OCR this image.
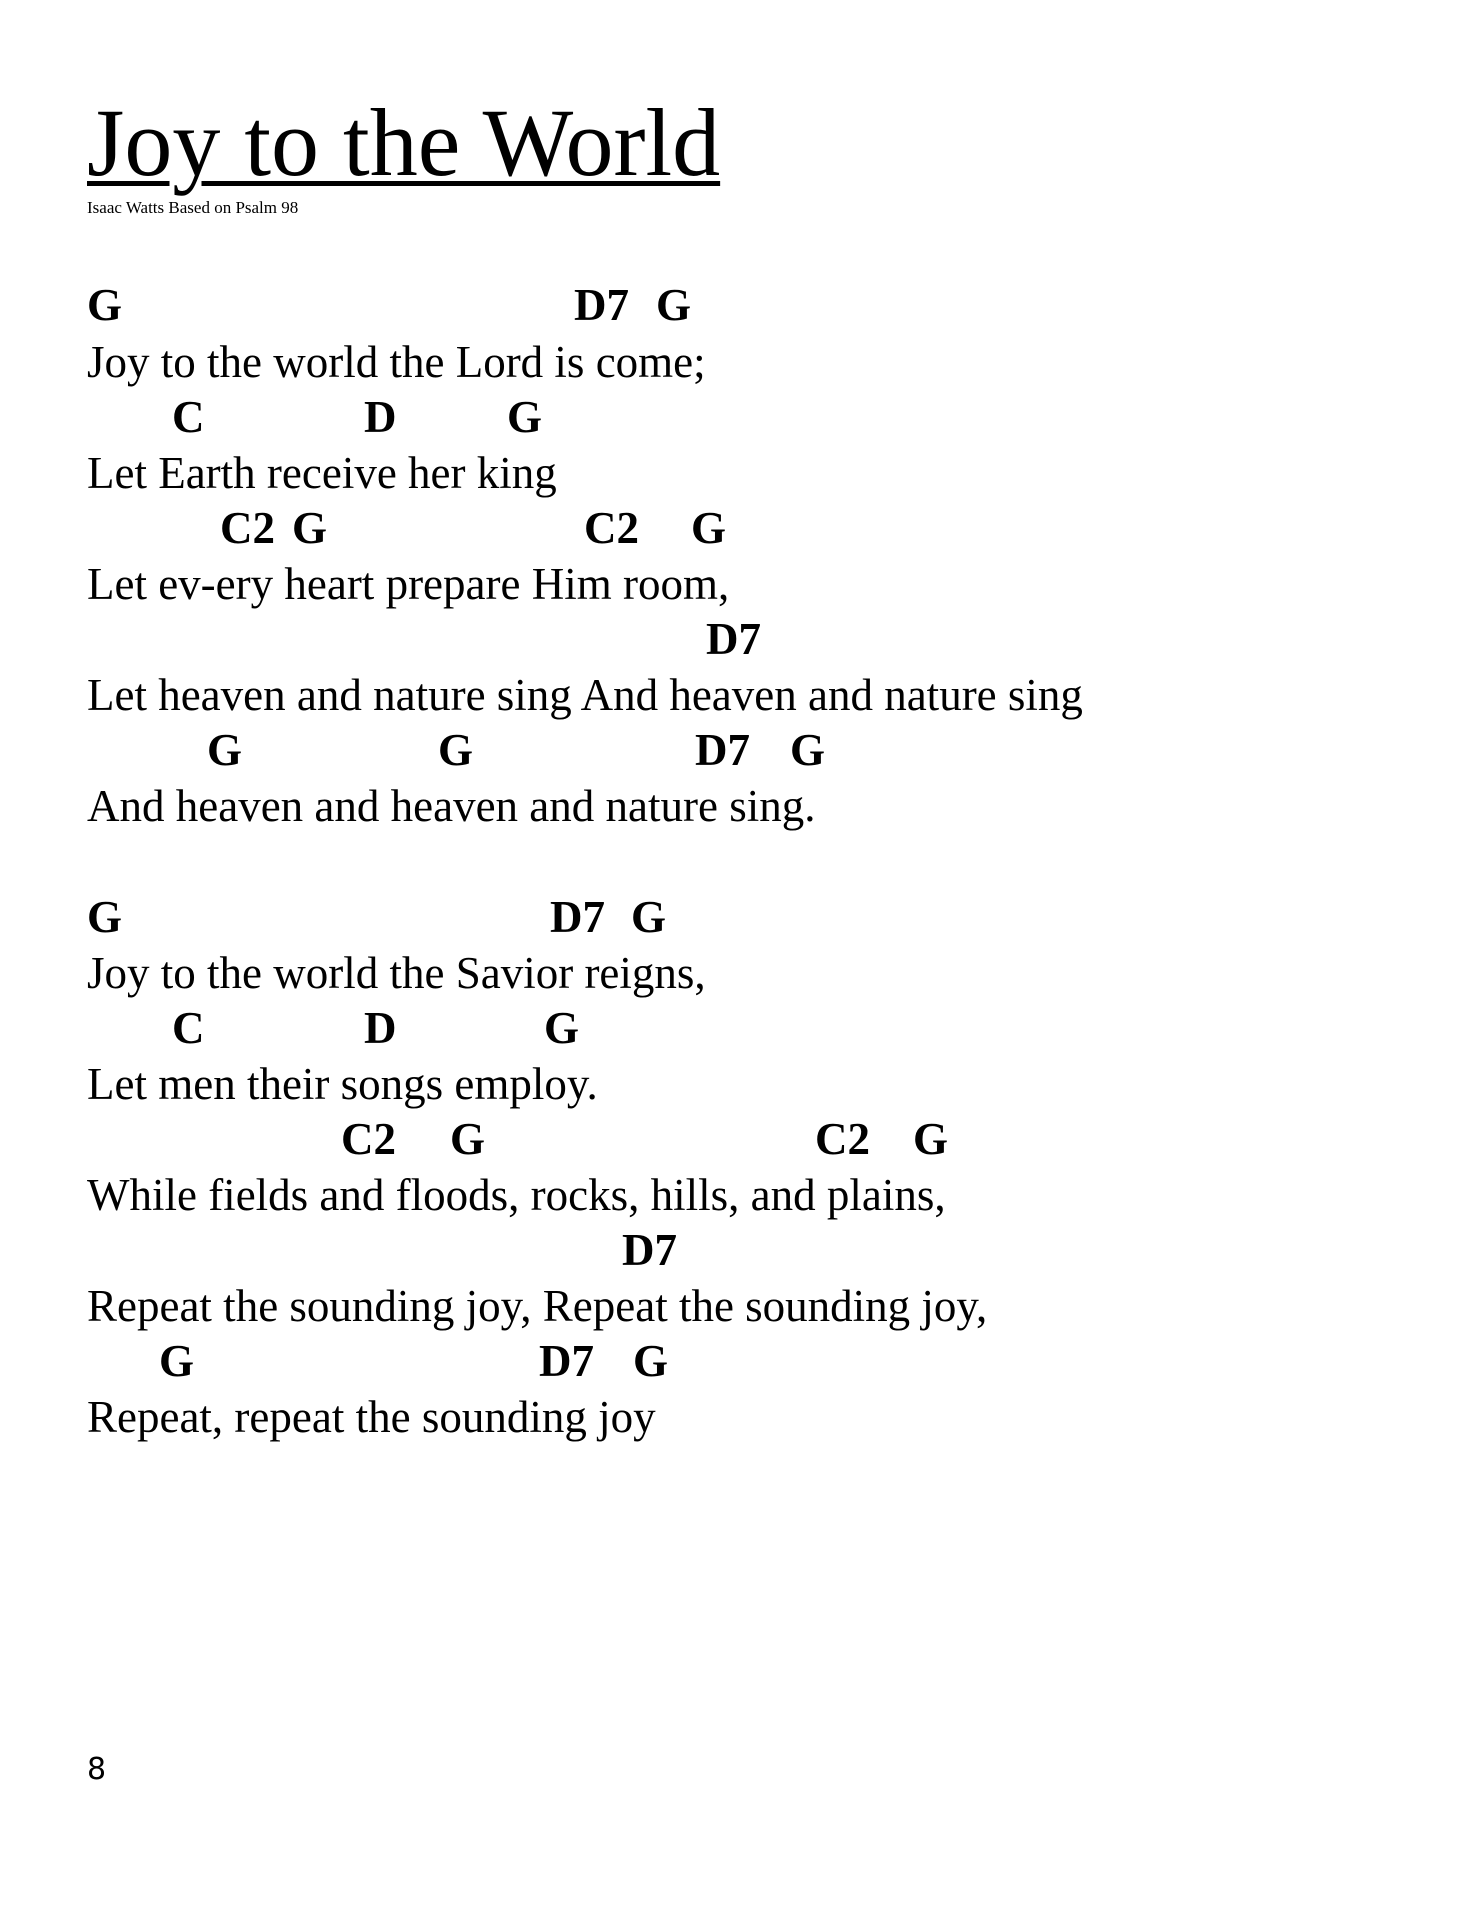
Joy to the World
Isaac Watts Based on Psalm 98
G	D7 G
Joy to the world the Lord is come;
C	D G
Let Earth receive her king
C2 G	C2 G
Let ev-ery heart prepare Him room,
D7
Let heaven and nature sing And heaven and nature sing
G	G	D7 G
And heaven and heaven and nature sing.
G	D7 G
Joy to the world the Savior reigns,
C	D	G
Let men their songs employ.
C2 G	C2 G
While fields and floods, rocks, hills, and plains,
D7
Repeat the sounding joy, Repeat the sounding joy,
G	D7 G
Repeat, repeat the sounding joy
8
